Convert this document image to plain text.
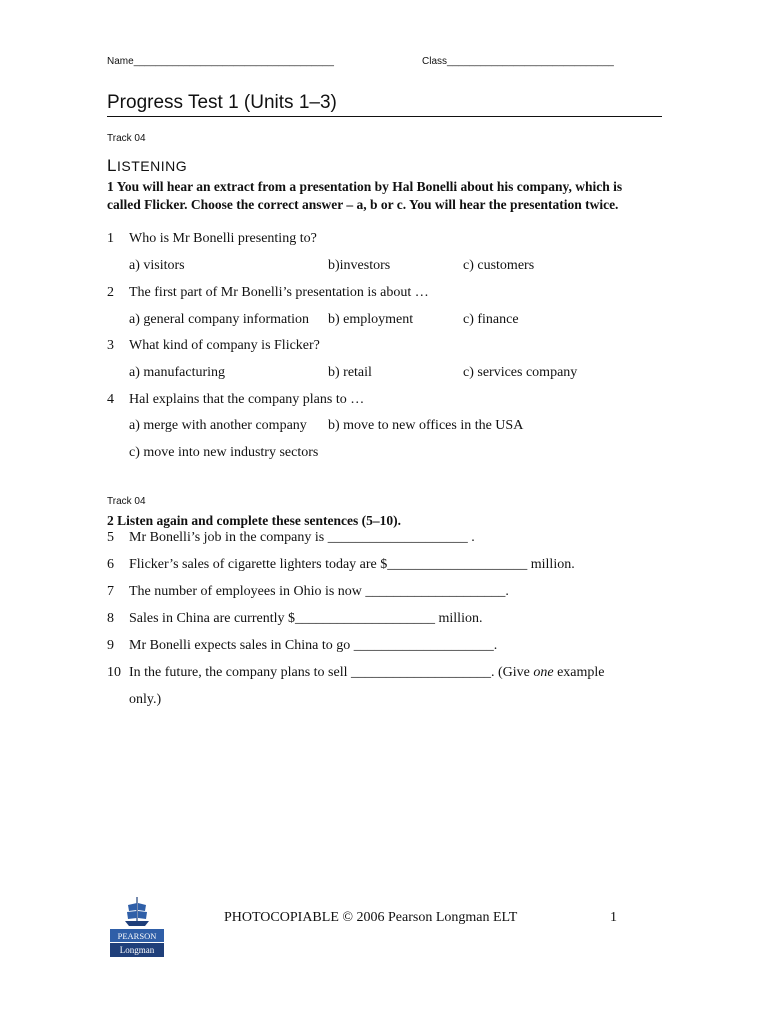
Name____________________________________	Class______________________________
Progress Test 1 (Units 1–3)
Track 04
LISTENING
1 You will hear an extract from a presentation by Hal Bonelli about his company, which is called Flicker. Choose the correct answer – a, b or c. You will hear the presentation twice.
1 Who is Mr Bonelli presenting to?
a) visitors	b)investors	c) customers
2 The first part of Mr Bonelli’s presentation is about …
a) general company information b) employment	c) finance
3 What kind of company is Flicker?
a) manufacturing	b) retail	c) services company
4 Hal explains that the company plans to …
a) merge with another company b) move to new offices in the USA
c) move into new industry sectors
Track 04
2 Listen again and complete these sentences (5–10).
5 Mr Bonelli’s job in the company is ____________________ .
6 Flicker’s sales of cigarette lighters today are $____________________ million.
7 The number of employees in Ohio is now ____________________.
8 Sales in China are currently $____________________ million.
9 Mr Bonelli expects sales in China to go ____________________.
10 In the future, the company plans to sell ____________________. (Give one example
only.)
PEARSON
Longman
PHOTOCOPIABLE © 2006 Pearson Longman ELT	1
